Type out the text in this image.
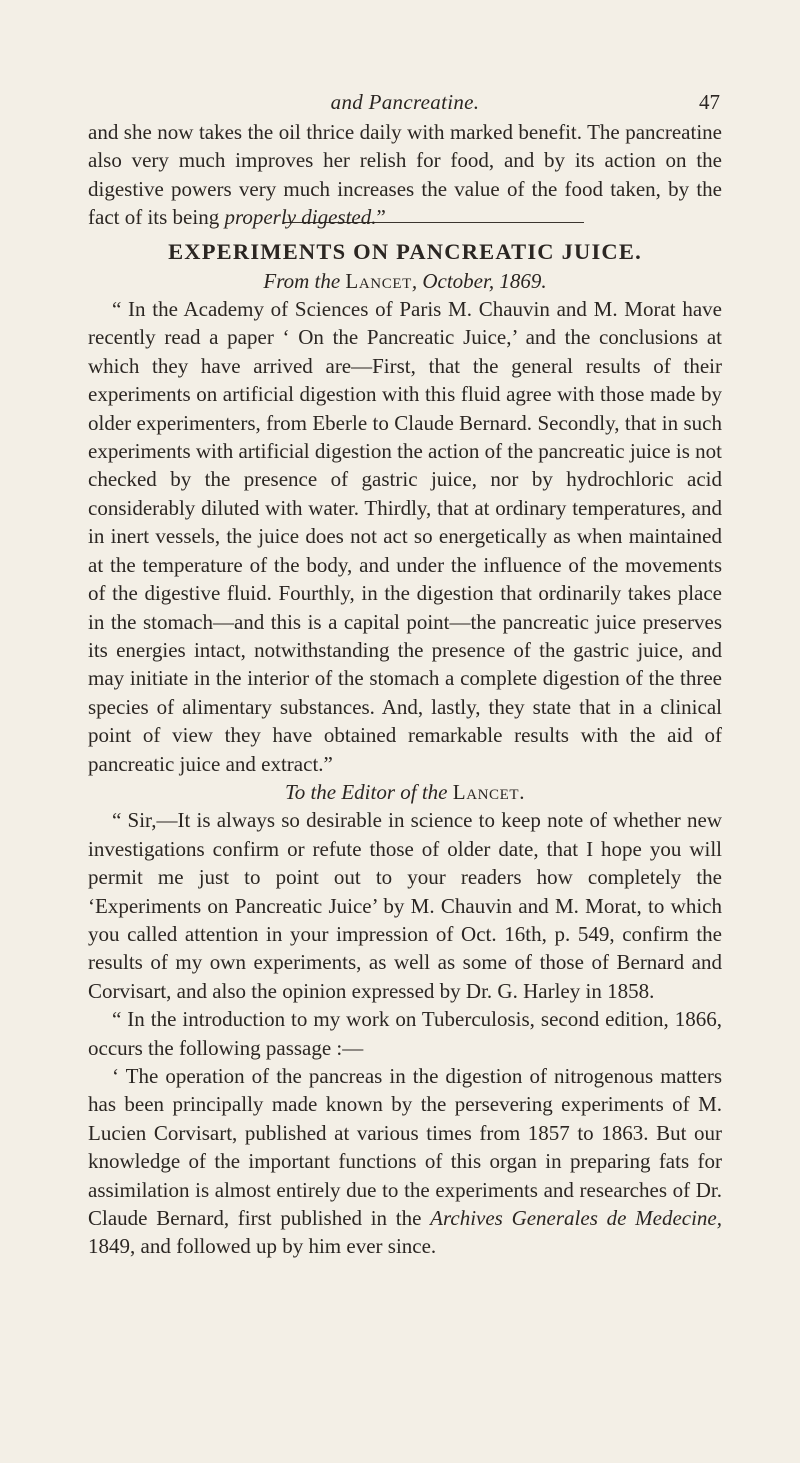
and Pancreatine.	47

and she now takes the oil thrice daily with marked benefit. The pancreatine also very much improves her relish for food, and by its action on the digestive powers very much increases the value of the food taken, by the fact of its being properly digested.”

EXPERIMENTS ON PANCREATIC JUICE.

From the Lancet, October, 1869.

“ In the Academy of Sciences of Paris M. Chauvin and M. Morat have recently read a paper ‘ On the Pancreatic Juice,’ and the conclusions at which they have arrived are—First, that the general results of their experiments on artificial digestion with this fluid agree with those made by older experimenters, from Eberle to Claude Bernard. Secondly, that in such experiments with artificial digestion the action of the pancreatic juice is not checked by the presence of gastric juice, nor by hydrochloric acid considerably diluted with water. Thirdly, that at ordinary temperatures, and in inert vessels, the juice does not act so energetically as when maintained at the temperature of the body, and under the influence of the movements of the digestive fluid. Fourthly, in the digestion that ordinarily takes place in the stomach—and this is a capital point—the pancreatic juice preserves its energies intact, notwithstanding the presence of the gastric juice, and may initiate in the interior of the stomach a complete digestion of the three species of alimentary substances. And, lastly, they state that in a clinical point of view they have obtained remarkable results with the aid of pancreatic juice and extract.”

To the Editor of the Lancet.

“ Sir,—It is always so desirable in science to keep note of whether new investigations confirm or refute those of older date, that I hope you will permit me just to point out to your readers how completely the ‘Experiments on Pancreatic Juice’ by M. Chauvin and M. Morat, to which you called attention in your impression of Oct. 16th, p. 549, confirm the results of my own experiments, as well as some of those of Bernard and Corvisart, and also the opinion expressed by Dr. G. Harley in 1858.

“ In the introduction to my work on Tuberculosis, second edition, 1866, occurs the following passage :—

‘ The operation of the pancreas in the digestion of nitrogenous matters has been principally made known by the persevering experiments of M. Lucien Corvisart, published at various times from 1857 to 1863. But our knowledge of the important functions of this organ in preparing fats for assimilation is almost entirely due to the experiments and researches of Dr. Claude Bernard, first published in the Archives Generales de Medecine, 1849, and followed up by him ever since.
